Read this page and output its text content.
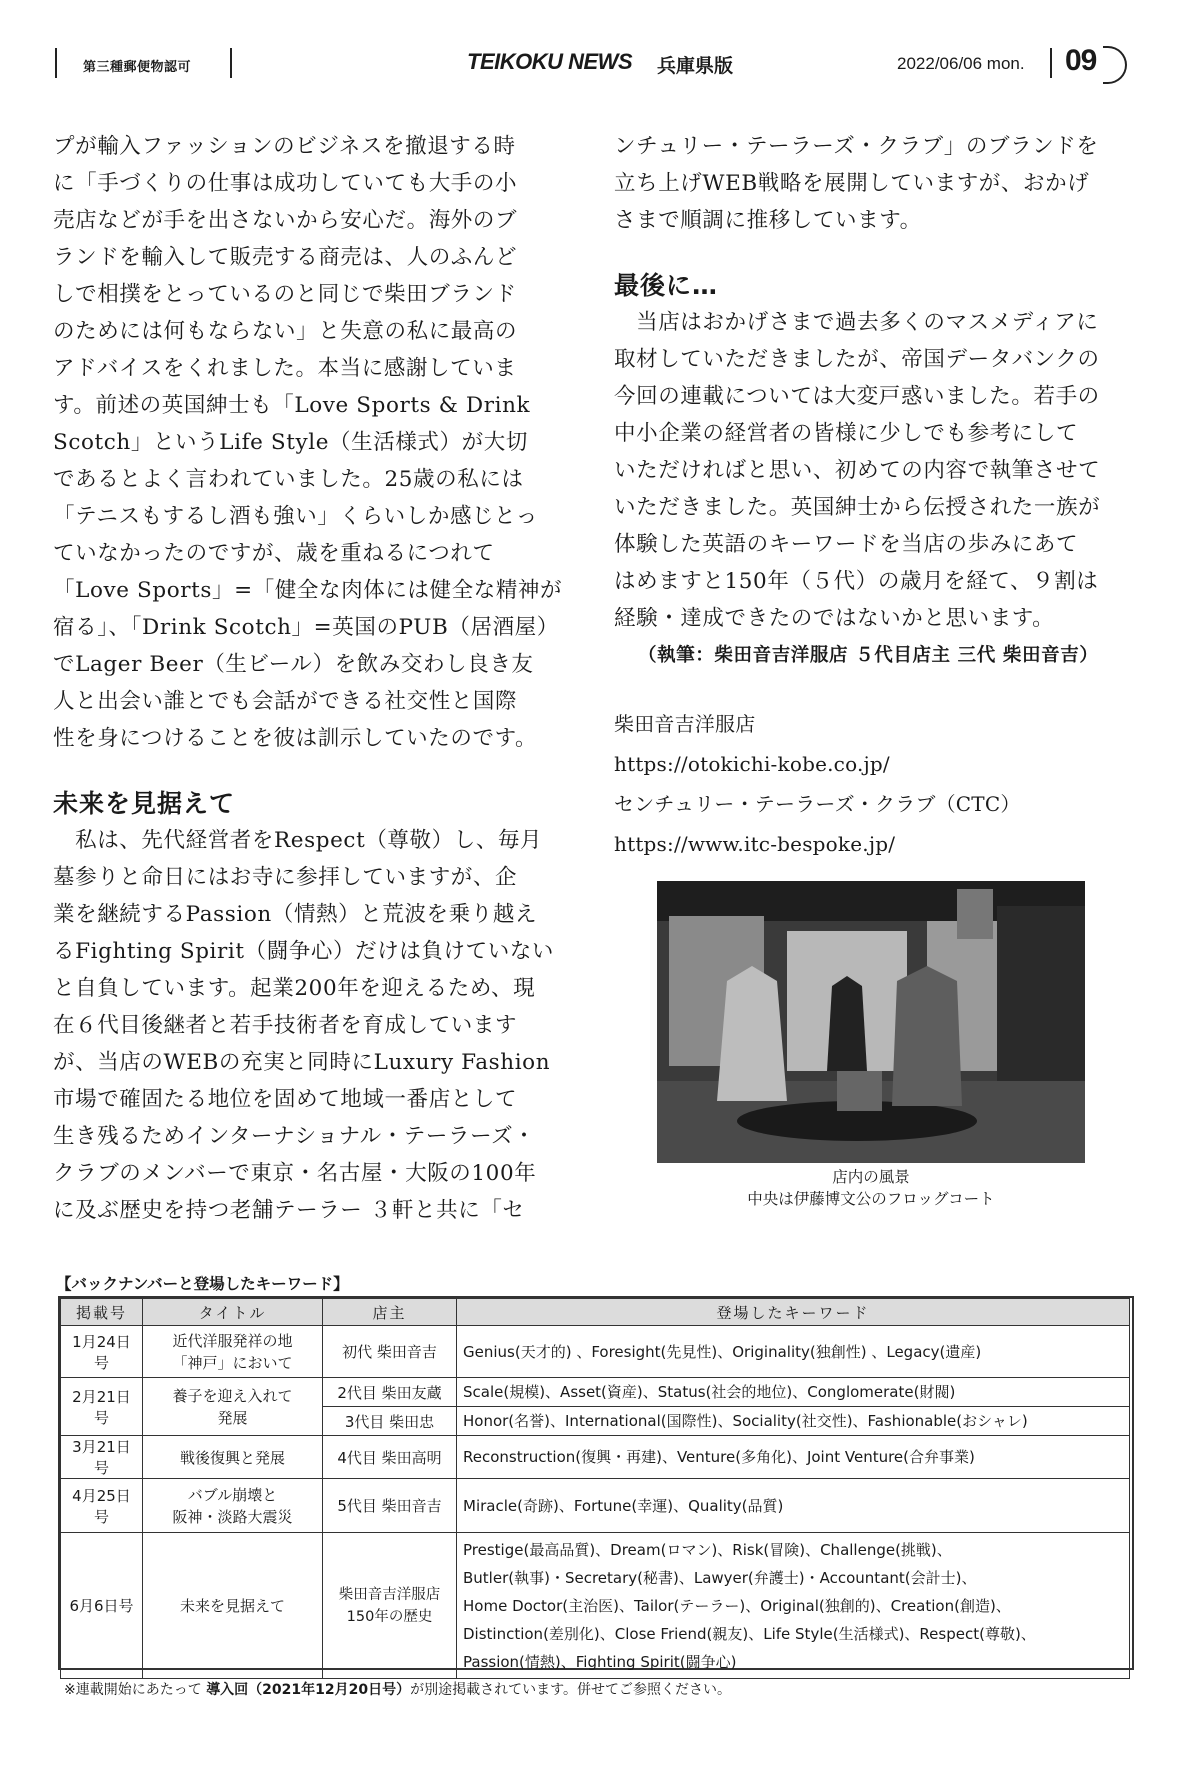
第三種郵便物認可	TEIKOKU NEWS 兵庫県版	2022/06/06 mon. 09

プが輸入ファッションのビジネスを撤退する時

に「手づくりの仕事は成功していても大手の小

売店などが手を出さないから安心だ。海外のブ

ランドを輸入して販売する商売は、人のふんど

しで相撲をとっているのと同じで柴田ブランド

のためには何もならない」と失意の私に最高の

アドバイスをくれました。本当に感謝していま

す。前述の英国紳士も「Love Sports & Drink

Scotch」というLife Style（生活様式）が大切

であるとよく言われていました。25歳の私には

「テニスもするし酒も強い」くらいしか感じとっ

ていなかったのですが、歳を重ねるにつれて

「Love Sports」=「健全な肉体には健全な精神が

宿る」、「Drink Scotch」=英国のPUB（居酒屋）

でLager Beer（生ビール）を飲み交わし良き友

人と出会い誰とでも会話ができる社交性と国際

性を身につけることを彼は訓示していたのです。

未来を見据えて

　私は、先代経営者をRespect（尊敬）し、毎月

墓参りと命日にはお寺に参拝していますが、企

業を継続するPassion（情熱）と荒波を乗り越え

るFighting Spirit（闘争心）だけは負けていない

と自負しています。起業200年を迎えるため、現

在６代目後継者と若手技術者を育成しています

が、当店のWEBの充実と同時にLuxury Fashion

市場で確固たる地位を固めて地域一番店として

生き残るためインターナショナル・テーラーズ・

クラブのメンバーで東京・名古屋・大阪の100年

に及ぶ歴史を持つ老舗テーラー ３軒と共に「セ

ンチュリー・テーラーズ・クラブ」のブランドを

立ち上げWEB戦略を展開していますが、おかげ

さまで順調に推移しています。

最後に…

　当店はおかげさまで過去多くのマスメディアに

取材していただきましたが、帝国データバンクの

今回の連載については大変戸惑いました。若手の

中小企業の経営者の皆様に少しでも参考にして

いただければと思い、初めての内容で執筆させて

いただきました。英国紳士から伝授された一族が

体験した英語のキーワードを当店の歩みにあて

はめますと150年（５代）の歳月を経て、９割は

経験・達成できたのではないかと思います。

（執筆：柴田音吉洋服店 ５代目店主 三代 柴田音吉）

柴田音吉洋服店

https://otokichi-kobe.co.jp/

センチュリー・テーラーズ・クラブ（CTC）

https://www.itc-bespoke.jp/

店内の風景
中央は伊藤博文公のフロッグコート
【バックナンバーと登場したキーワード】
掲載号	タイトル	店主	登場したキーワード
1月24日号	近代洋服発祥の地
「神戸」において	初代 柴田音吉	Genius(天才的) 、Foresight(先見性)、Originality(独創性) 、Legacy(遺産)
2月21日号	養子を迎え入れて
発展	2代目 柴田友蔵	Scale(規模)、Asset(資産)、Status(社会的地位)、Conglomerate(財閥)
		3代目 柴田忠	Honor(名誉)、International(国際性)、Sociality(社交性)、Fashionable(おシャレ)
3月21日号	戦後復興と発展	4代目 柴田高明	Reconstruction(復興・再建)、Venture(多角化)、Joint Venture(合弁事業)
4月25日号	バブル崩壊と
阪神・淡路大震災	5代目 柴田音吉	Miracle(奇跡)、Fortune(幸運)、Quality(品質)
6月6日号	未来を見据えて	柴田音吉洋服店
150年の歴史	Prestige(最高品質)、Dream(ロマン)、Risk(冒険)、Challenge(挑戦)、
Butler(執事)・Secretary(秘書)、Lawyer(弁護士)・Accountant(会計士)、
Home Doctor(主治医)、Tailor(テーラー)、Original(独創的)、Creation(創造)、
Distinction(差別化)、Close Friend(親友)、Life Style(生活様式)、Respect(尊敬)、
Passion(情熱)、Fighting Spirit(闘争心)
※連載開始にあたって 導入回（2021年12月20日号）が別途掲載されています。併せてご参照ください。
